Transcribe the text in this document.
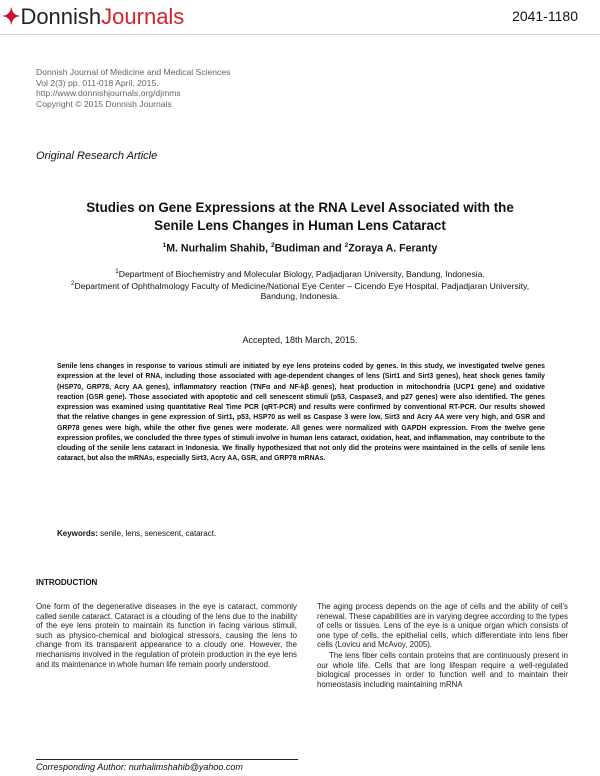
✦DonnishJournals	2041-1180
Donnish Journal of Medicine and Medical Sciences
Vol 2(3) pp. 011-018 April, 2015.
http://www.donnishjournals.org/djmms
Copyright © 2015 Donnish Journals
Original Research Article
Studies on Gene Expressions at the RNA Level Associated with the
Senile Lens Changes in Human Lens Cataract
$^1$M. Nurhalim Shahib, $^2$Budiman and $^2$Zoraya A. Feranty
$^1$Department of Biochemistry and Molecular Biology, Padjadjaran University, Bandung, Indonesia.
$^2$Department of Ophthalmology Faculty of Medicine/National Eye Center – Cicendo Eye Hospital, Padjadjaran University,
Bandung, Indonesia.
Accepted, 18th March, 2015.
Senile lens changes in response to various stimuli are initiated by eye lens proteins coded by genes. In this study, we investigated twelve genes expression at the level of RNA, including those associated with age-dependent changes of lens (Sirt1 and Sirt3 genes), heat shock genes family (HSP70, GRP78, Acry AA genes), inflammatory reaction (TNFα and NF-kβ genes), heat production in mitochondria (UCP1 gene) and oxidative reaction (GSR gene). Those associated with apoptotic and cell senescent stimuli (p53, Caspase3, and p27 genes) were also identified. The genes expression was examined using quantitative Real Time PCR (qRT-PCR) and results were confirmed by conventional RT-PCR. Our results showed that the relative changes in gene expression of Sirt1, p53, HSP70 as well as Caspase 3 were low, Sirt3 and Acry AA were very high, and GSR and GRP78 genes were high, while the other five genes were moderate. All genes were normalized with GAPDH expression. From the twelve gene expression profiles, we concluded the three types of stimuli involve in human lens cataract, oxidation, heat, and inflammation, may contribute to the clouding of the senile lens cataract in Indonesia. We finally hypothesized that not only did the proteins were maintained in the cells of senile lens cataract, but also the mRNAs, especially Sirt3, Acry AA, GSR, and GRP78 mRNAs.
Keywords: senile, lens, senescent, cataract.
INTRODUCTION
One form of the degenerative diseases in the eye is cataract, commonly called senile cataract. Cataract is a clouding of the lens due to the inability of the eye lens protein to maintain its function in facing various stimuli, such as physico-chemical and biological stressors, causing the lens to change from its transparent appearance to a cloudy one. However, the mechanisms involved in the regulation of protein production in the eye lens and its maintenance in whole human life remain poorly understood.
The aging process depends on the age of cells and the ability of cell's renewal. These capabilities are in varying degree according to the types of cells or tissues. Lens of the eye is a unique organ which consists of one type of cells, the epithelial cells, which differentiate into lens fiber cells (Lovicu and McAvoy, 2005).
The lens fiber cells contain proteins that are continuously present in our whole life. Cells that are long lifespan require a well-regulated biological processes in order to function well and to maintain their homeostasis including maintaining mRNA
Corresponding Author: nurhalimshahib@yahoo.com
